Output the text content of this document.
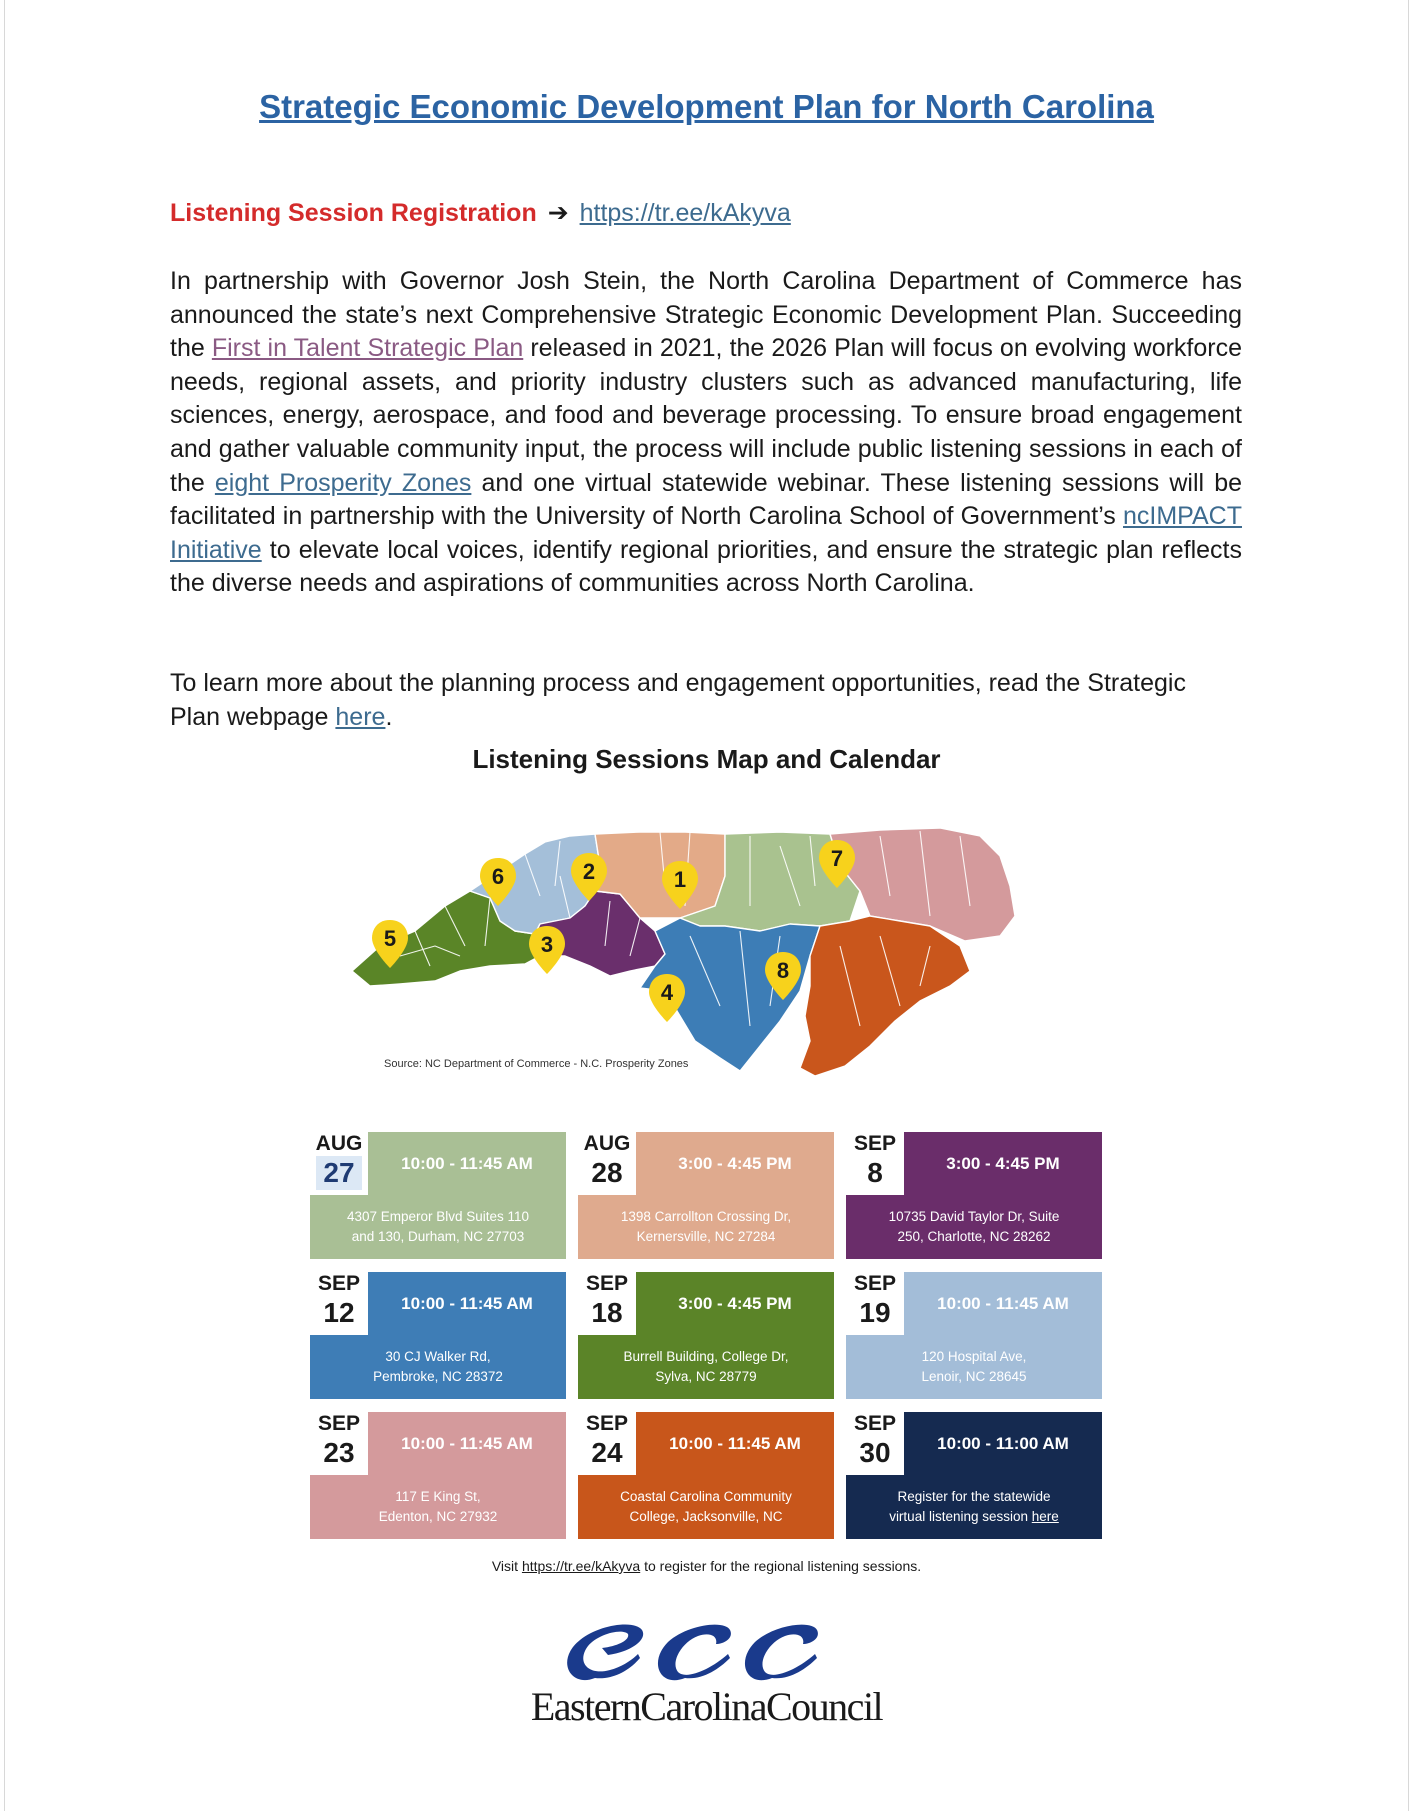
Strategic Economic Development Plan for North Carolina
Listening Session Registration ➔ https://tr.ee/kAkyva
In partnership with Governor Josh Stein, the North Carolina Department of Commerce has announced the state’s next Comprehensive Strategic Economic Development Plan. Succeeding the First in Talent Strategic Plan released in 2021, the 2026 Plan will focus on evolving workforce needs, regional assets, and priority industry clusters such as advanced manufacturing, life sciences, energy, aerospace, and food and beverage processing. To ensure broad engagement and gather valuable community input, the process will include public listening sessions in each of the eight Prosperity Zones and one virtual statewide webinar. These listening sessions will be facilitated in partnership with the University of North Carolina School of Government’s ncIMPACT Initiative to elevate local voices, identify regional priorities, and ensure the strategic plan reflects the diverse needs and aspirations of communities across North Carolina.
To learn more about the planning process and engagement opportunities, read the Strategic Plan webpage here.
Listening Sessions Map and Calendar
1
2
3
4
5
6
7
8
Source: NC Department of Commerce - N.C. Prosperity Zones
AUG
27	10:00 - 11:45 AM
4307 Emperor Blvd Suites 110
and 130, Durham, NC 27703
AUG
28	3:00 - 4:45 PM
1398 Carrollton Crossing Dr,
Kernersville, NC 27284
SEP
8	3:00 - 4:45 PM
10735 David Taylor Dr, Suite
250, Charlotte, NC 28262
SEP
12	10:00 - 11:45 AM
30 CJ Walker Rd,
Pembroke, NC 28372
SEP
18	3:00 - 4:45 PM
Burrell Building, College Dr,
Sylva, NC 28779
SEP
19	10:00 - 11:45 AM
120 Hospital Ave,
Lenoir, NC 28645
SEP
23	10:00 - 11:45 AM
117 E King St,
Edenton, NC 27932
SEP
24	10:00 - 11:45 AM
Coastal Carolina Community
College, Jacksonville, NC
SEP
30	10:00 - 11:00 AM
Register for the statewide
virtual listening session here
Visit https://tr.ee/kAkyva to register for the regional listening sessions.
EasternCarolinaCouncil
